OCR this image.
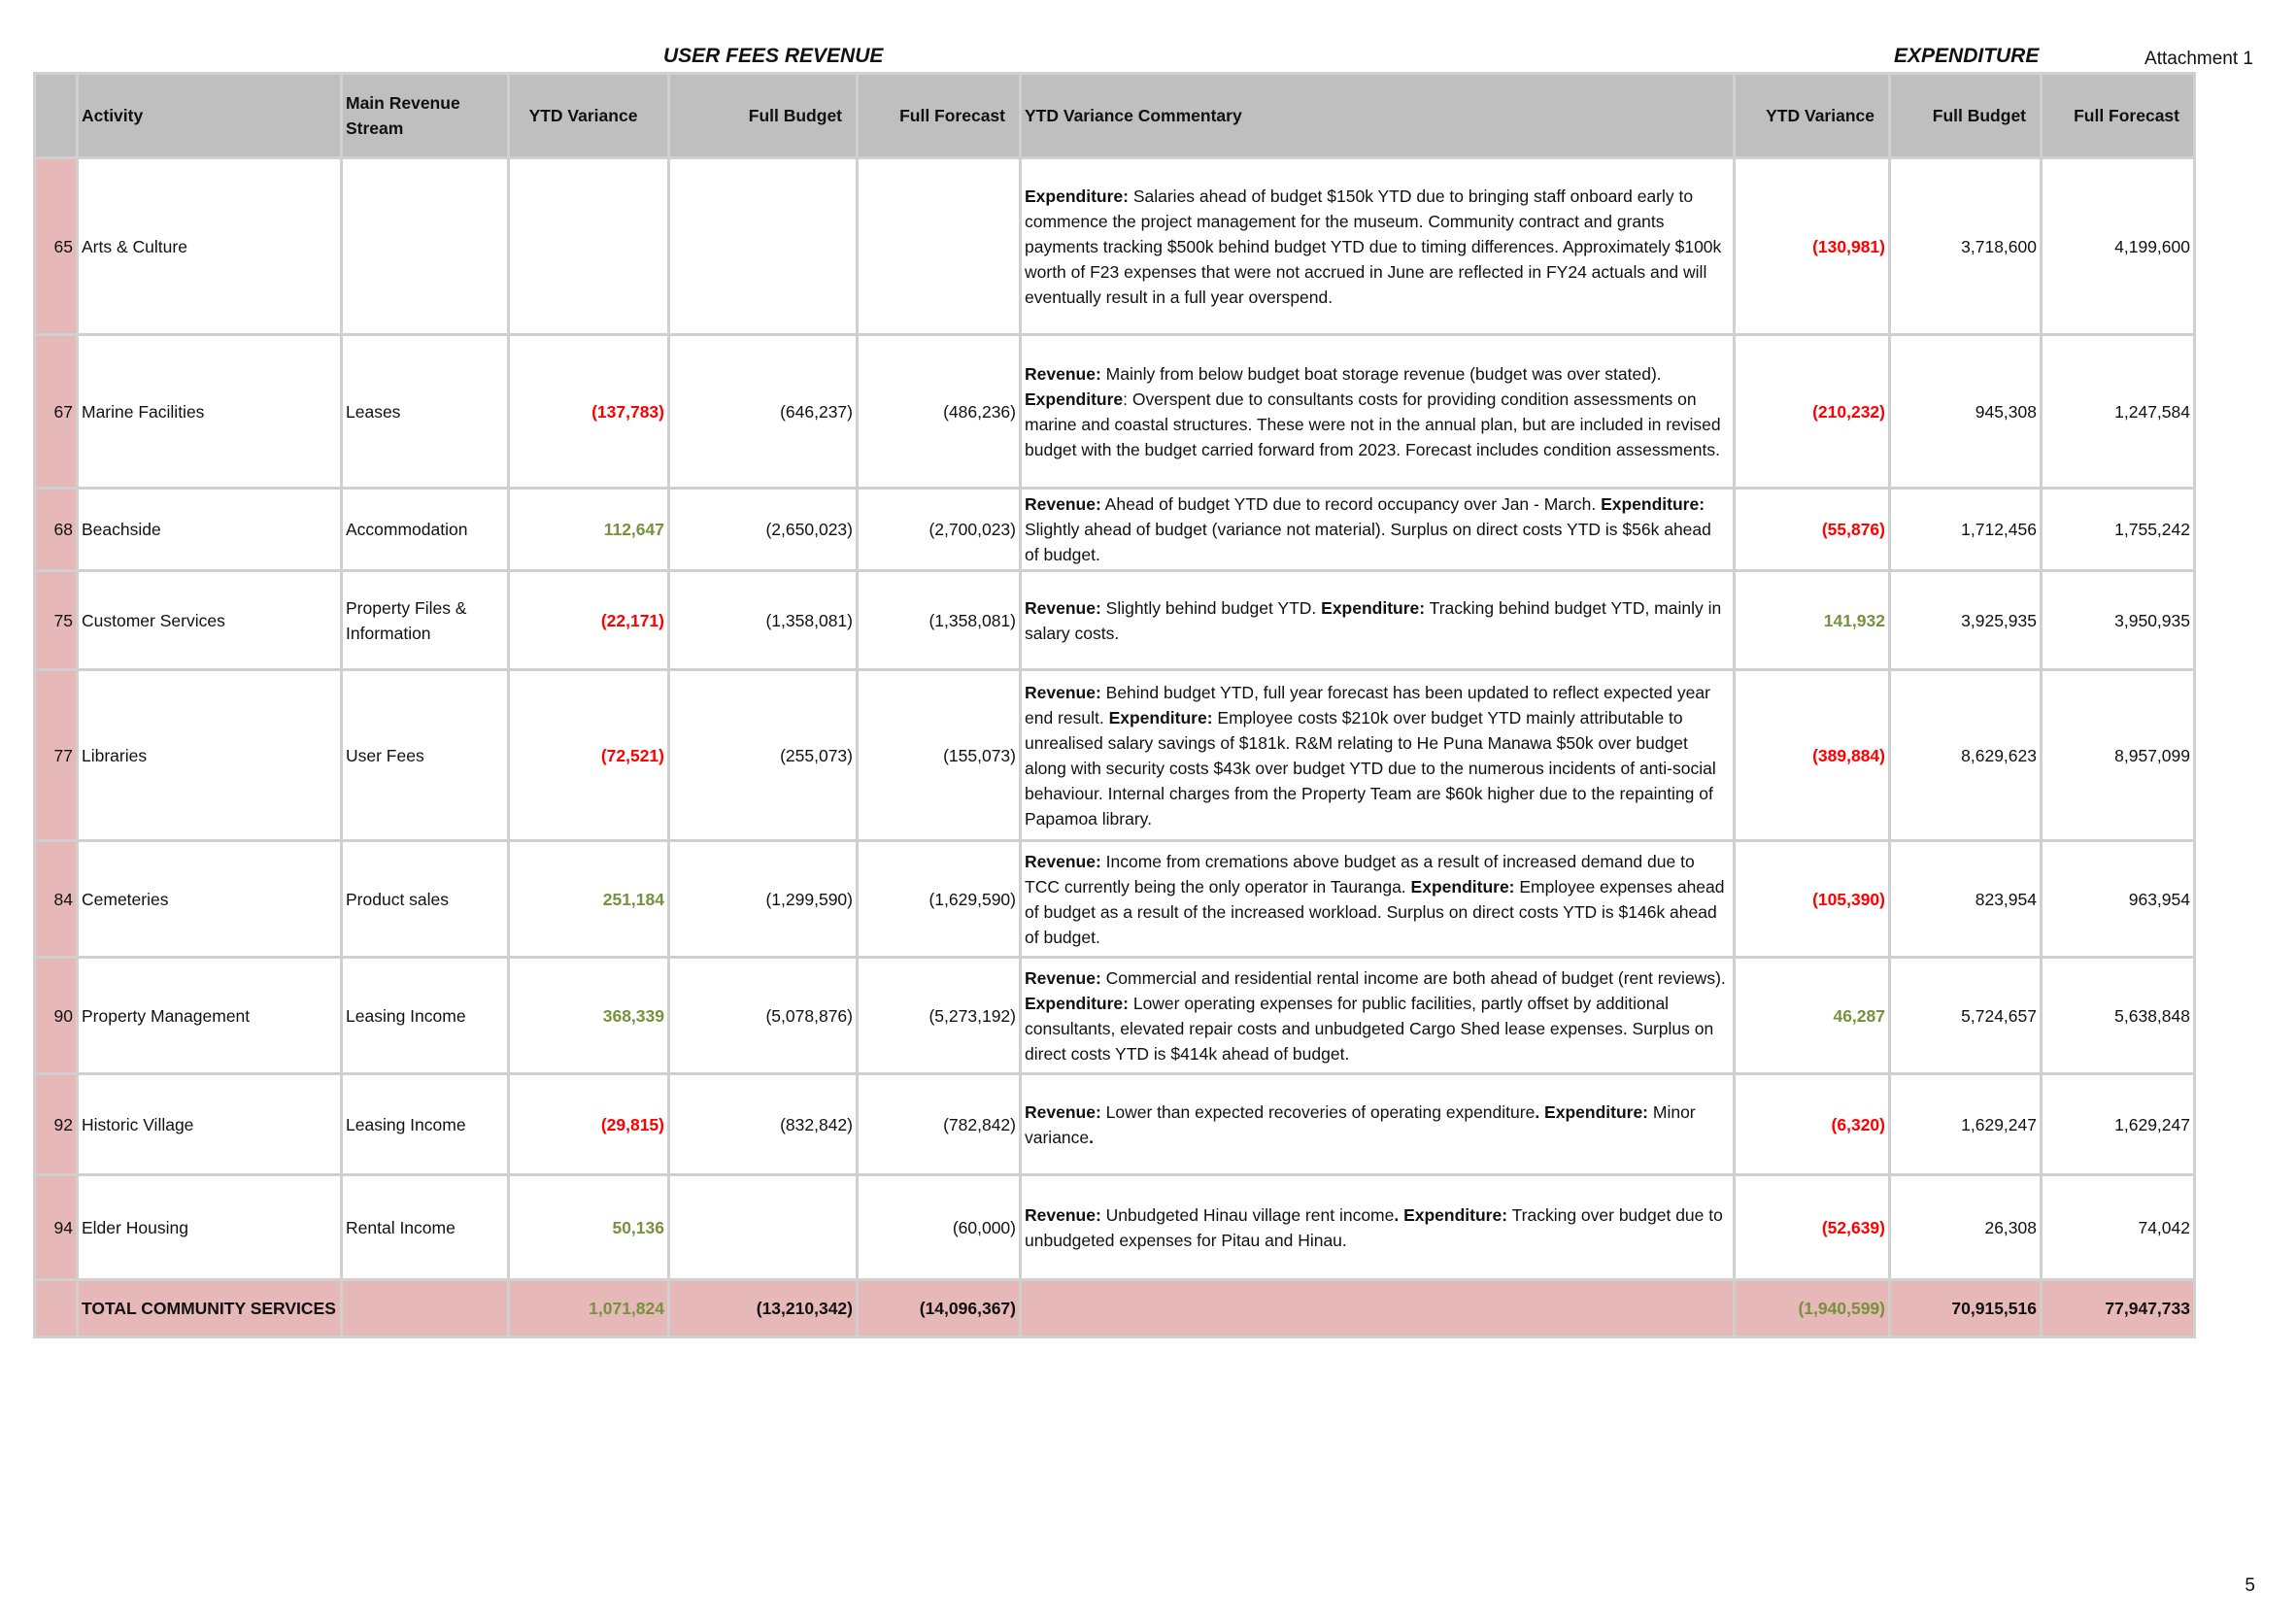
USER FEES REVENUE	EXPENDITURE	Attachment 1
	Activity	Main Revenue Stream	YTD Variance	Full Budget	Full Forecast	YTD Variance Commentary	YTD Variance	Full Budget	Full Forecast
65	Arts & Culture					Expenditure: Salaries ahead of budget $150k YTD due to bringing staff onboard early to commence the project management for the museum. Community contract and grants payments tracking $500k behind budget YTD due to timing differences. Approximately $100k worth of F23 expenses that were not accrued in June are reflected in FY24 actuals and will eventually result in a full year overspend.	(130,981)	3,718,600	4,199,600
67	Marine Facilities	Leases	(137,783)	(646,237)	(486,236)	Revenue: Mainly from below budget boat storage revenue (budget was over stated). Expenditure: Overspent due to consultants costs for providing condition assessments on marine and coastal structures. These were not in the annual plan, but are included in revised budget with the budget carried forward from 2023. Forecast includes condition assessments.	(210,232)	945,308	1,247,584
68	Beachside	Accommodation	112,647	(2,650,023)	(2,700,023)	Revenue: Ahead of budget YTD due to record occupancy over Jan - March. Expenditure: Slightly ahead of budget (variance not material). Surplus on direct costs YTD is $56k ahead of budget.	(55,876)	1,712,456	1,755,242
75	Customer Services	Property Files & Information	(22,171)	(1,358,081)	(1,358,081)	Revenue: Slightly behind budget YTD. Expenditure: Tracking behind budget YTD, mainly in salary costs.	141,932	3,925,935	3,950,935
77	Libraries	User Fees	(72,521)	(255,073)	(155,073)	Revenue: Behind budget YTD, full year forecast has been updated to reflect expected year end result. Expenditure: Employee costs $210k over budget YTD mainly attributable to unrealised salary savings of $181k. R&M relating to He Puna Manawa $50k over budget along with security costs $43k over budget YTD due to the numerous incidents of anti-social behaviour. Internal charges from the Property Team are $60k higher due to the repainting of Papamoa library.	(389,884)	8,629,623	8,957,099
84	Cemeteries	Product sales	251,184	(1,299,590)	(1,629,590)	Revenue: Income from cremations above budget as a result of increased demand due to TCC currently being the only operator in Tauranga. Expenditure: Employee expenses ahead of budget as a result of the increased workload. Surplus on direct costs YTD is $146k ahead of budget.	(105,390)	823,954	963,954
90	Property Management	Leasing Income	368,339	(5,078,876)	(5,273,192)	Revenue: Commercial and residential rental income are both ahead of budget (rent reviews). Expenditure: Lower operating expenses for public facilities, partly offset by additional consultants, elevated repair costs and unbudgeted Cargo Shed lease expenses. Surplus on direct costs YTD is $414k ahead of budget.	46,287	5,724,657	5,638,848
92	Historic Village	Leasing Income	(29,815)	(832,842)	(782,842)	Revenue: Lower than expected recoveries of operating expenditure. Expenditure: Minor variance.	(6,320)	1,629,247	1,629,247
94	Elder Housing	Rental Income	50,136		(60,000)	Revenue: Unbudgeted Hinau village rent income. Expenditure: Tracking over budget due to unbudgeted expenses for Pitau and Hinau.	(52,639)	26,308	74,042
	TOTAL COMMUNITY SERVICES		1,071,824	(13,210,342)	(14,096,367)		(1,940,599)	70,915,516	77,947,733
5
